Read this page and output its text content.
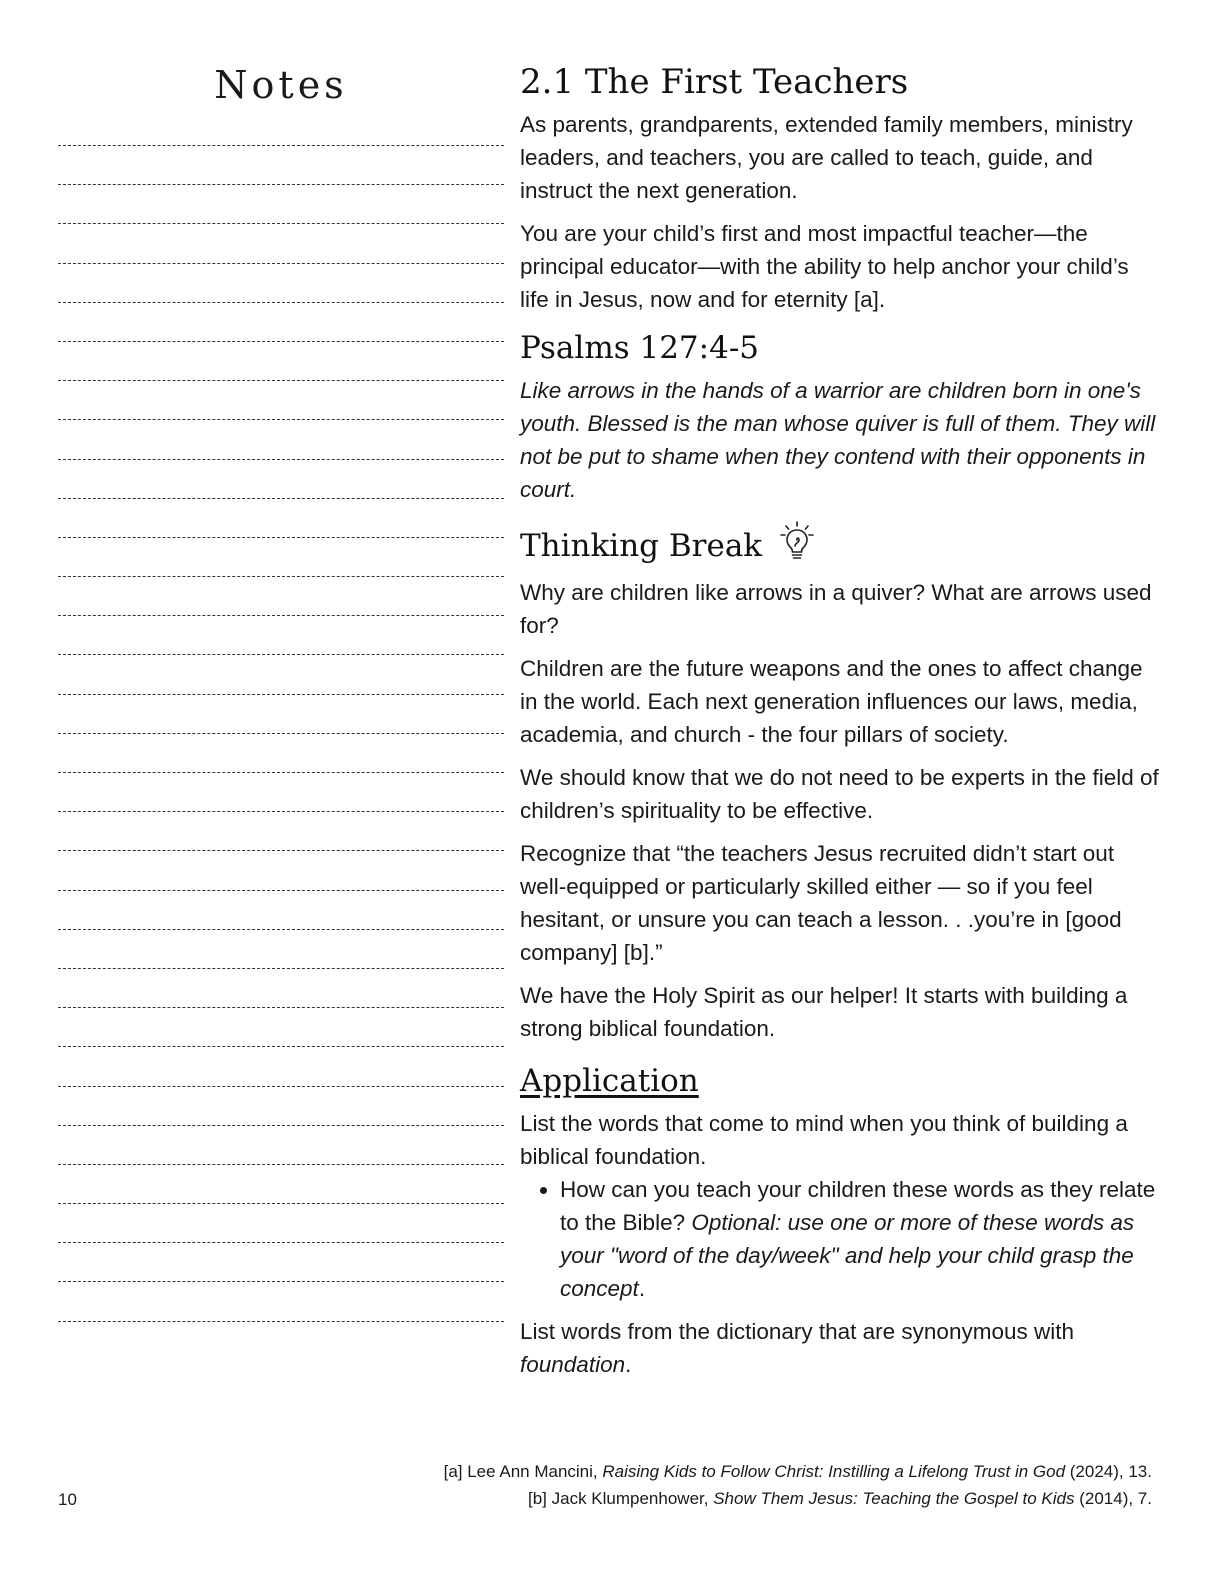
Notes	2.1 The First Teachers

As parents, grandparents, extended family members, ministry leaders, and teachers, you are called to teach, guide, and instruct the next generation.

You are your child’s first and most impactful teacher—the principal educator—with the ability to help anchor your child’s life in Jesus, now and for eternity [a].

Psalms 127:4-5

Like arrows in the hands of a warrior are children born in one's youth. Blessed is the man whose quiver is full of them. They will not be put to shame when they contend with their opponents in court.

Thinking Break

Why are children like arrows in a quiver? What are arrows used for?

Children are the future weapons and the ones to affect change in the world. Each next generation influences our laws, media, academia, and church - the four pillars of society.

We should know that we do not need to be experts in the field of children’s spirituality to be effective.

Recognize that “the teachers Jesus recruited didn’t start out well-equipped or particularly skilled either — so if you feel hesitant, or unsure you can teach a lesson. . .you’re in [good company] [b].”

We have the Holy Spirit as our helper! It starts with building a strong biblical foundation.

Application

List the words that come to mind when you think of building a biblical foundation.

• How can you teach your children these words as they relate to the Bible? Optional: use one or more of these words as your "word of the day/week" and help your child grasp the concept.

List words from the dictionary that are synonymous with foundation.

[a] Lee Ann Mancini, Raising Kids to Follow Christ: Instilling a Lifelong Trust in God (2024), 13.
[b] Jack Klumpenhower, Show Them Jesus: Teaching the Gospel to Kids (2014), 7.
10
